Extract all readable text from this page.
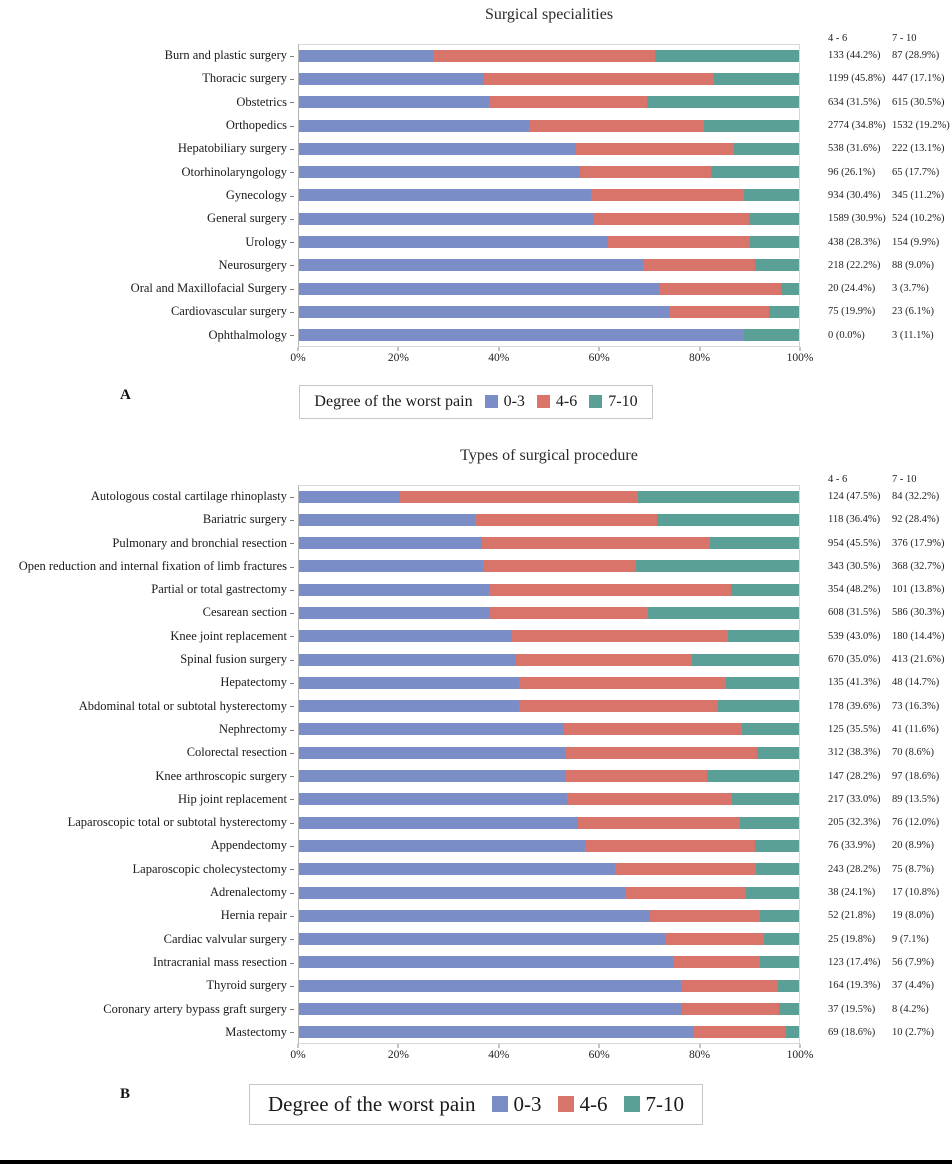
Surgical specialities
4 - 6	7 - 10
Burn and plastic surgery	133 (44.2%)	87 (28.9%)
Thoracic surgery	1199 (45.8%) 447 (17.1%)
Obstetrics	634 (31.5%)	615 (30.5%)
Orthopedics	2774 (34.8%) 1532 (19.2%)
Hepatobiliary surgery	538 (31.6%)	222 (13.1%)
Otorhinolaryngology	96 (26.1%)	65 (17.7%)
Gynecology	934 (30.4%)	345 (11.2%)
General surgery	1589 (30.9%) 524 (10.2%)
Urology	438 (28.3%)	154 (9.9%)
Neurosurgery	218 (22.2%)	88 (9.0%)
Oral and Maxillofacial Surgery	20 (24.4%)	3 (3.7%)
Cardiovascular surgery	75 (19.9%)	23 (6.1%)
Ophthalmology	0 (0.0%)	3 (11.1%)
0%	20%	40%	60%	80%	100%
A	Degree of the worst pain 0-3 4-6 7-10
Types of surgical procedure
4 - 6	7 - 10
Autologous costal cartilage rhinoplasty	124 (47.5%)	84 (32.2%)
Bariatric surgery	118 (36.4%)	92 (28.4%)
Pulmonary and bronchial resection	954 (45.5%)	376 (17.9%)
Open reduction and internal fixation of limb fractures	343 (30.5%)	368 (32.7%)
Partial or total gastrectomy	354 (48.2%)	101 (13.8%)
Cesarean section	608 (31.5%)	586 (30.3%)
Knee joint replacement	539 (43.0%)	180 (14.4%)
Spinal fusion surgery	670 (35.0%)	413 (21.6%)
Hepatectomy	135 (41.3%)	48 (14.7%)
Abdominal total or subtotal hysterectomy	178 (39.6%)	73 (16.3%)
Nephrectomy	125 (35.5%)	41 (11.6%)
Colorectal resection	312 (38.3%)	70 (8.6%)
Knee arthroscopic surgery	147 (28.2%)	97 (18.6%)
Hip joint replacement	217 (33.0%)	89 (13.5%)
Laparoscopic total or subtotal hysterectomy	205 (32.3%)	76 (12.0%)
Appendectomy	76 (33.9%)	20 (8.9%)
Laparoscopic cholecystectomy	243 (28.2%)	75 (8.7%)
Adrenalectomy	38 (24.1%)	17 (10.8%)
Hernia repair	52 (21.8%)	19 (8.0%)
Cardiac valvular surgery	25 (19.8%)	9 (7.1%)
Intracranial mass resection	123 (17.4%)	56 (7.9%)
Thyroid surgery	164 (19.3%)	37 (4.4%)
Coronary artery bypass graft surgery	37 (19.5%)	8 (4.2%)
Mastectomy	69 (18.6%)	10 (2.7%)
0%	20%	40%	60%	80%	100%
B	Degree of the worst pain 0-3 4-6 7-10
